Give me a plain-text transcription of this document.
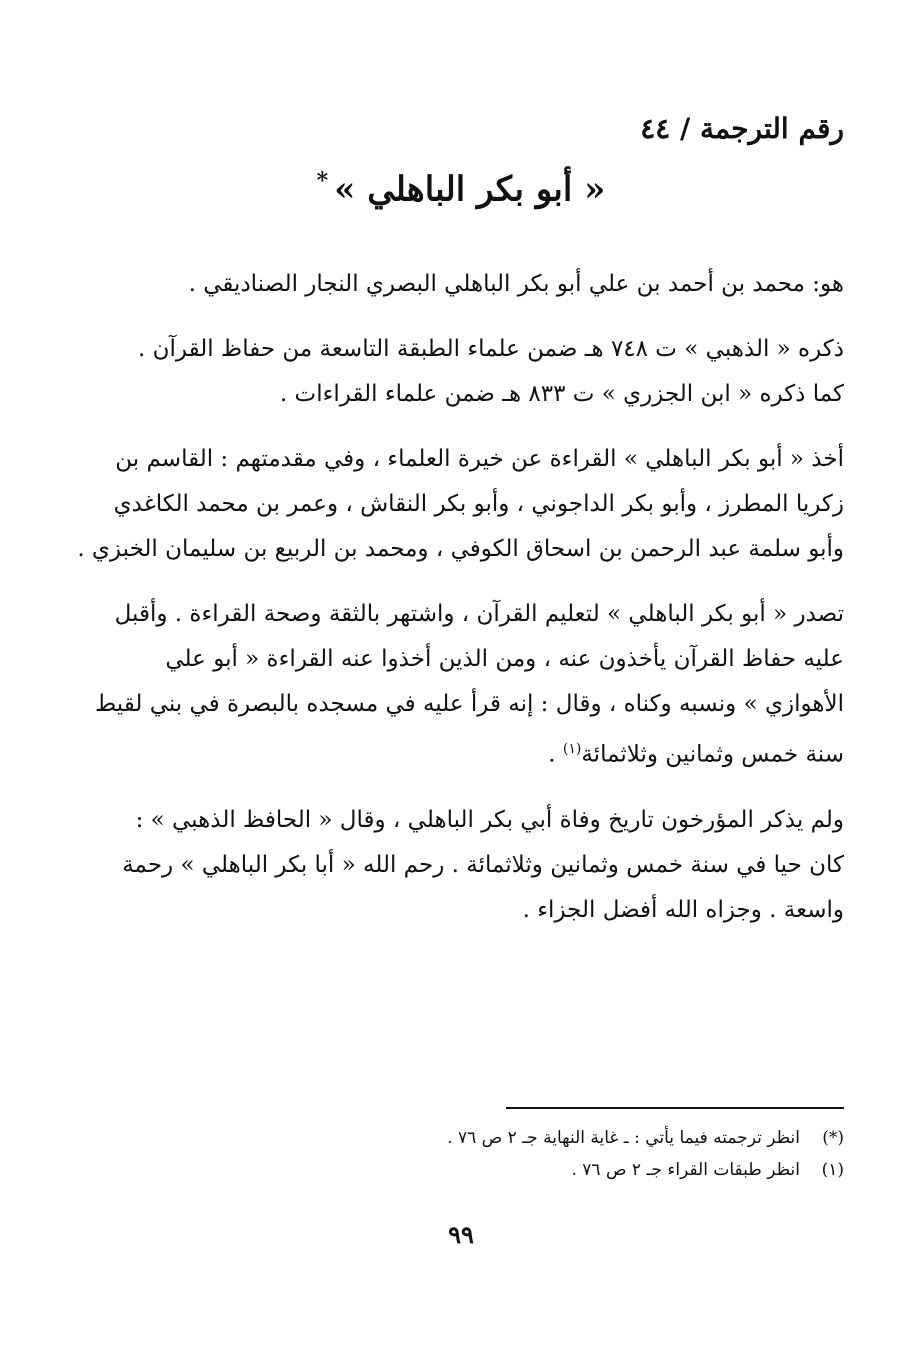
رقم الترجمة / ٤٤
« أبو بكر الباهلي »*

هو: محمد بن أحمد بن علي أبو بكر الباهلي البصري النجار الصناديقي .

ذكره « الذهبي » ت ٧٤٨ هـ ضمن علماء الطبقة التاسعة من حفاظ القرآن .
كما ذكره « ابن الجزري » ت ٨٣٣ هـ ضمن علماء القراءات .

أخذ « أبو بكر الباهلي » القراءة عن خيرة العلماء ، وفي مقدمتهم : القاسم بن
زكريا المطرز ، وأبو بكر الداجوني ، وأبو بكر النقاش ، وعمر بن محمد الكاغدي
وأبو سلمة عبد الرحمن بن اسحاق الكوفي ، ومحمد بن الربيع بن سليمان الخبزي .

تصدر « أبو بكر الباهلي » لتعليم القرآن ، واشتهر بالثقة وصحة القراءة . وأقبل
عليه حفاظ القرآن يأخذون عنه ، ومن الذين أخذوا عنه القراءة « أبو علي
الأهوازي » ونسبه وكناه ، وقال : إنه قرأ عليه في مسجده بالبصرة في بني لقيط
سنة خمس وثمانين وثلاثمائة$^{(١)}$ .

ولم يذكر المؤرخون تاريخ وفاة أبي بكر الباهلي ، وقال « الحافظ الذهبي » :
كان حيا في سنة خمس وثمانين وثلاثمائة . رحم الله « أبا بكر الباهلي » رحمة
واسعة . وجزاه الله أفضل الجزاء .

(*)انظر ترجمته فيما يأتي : ـ غاية النهاية جـ ٢ ص ٧٦ .
(١)انظر طبقات القراء جـ ٢ ص ٧٦ .
٩٩
